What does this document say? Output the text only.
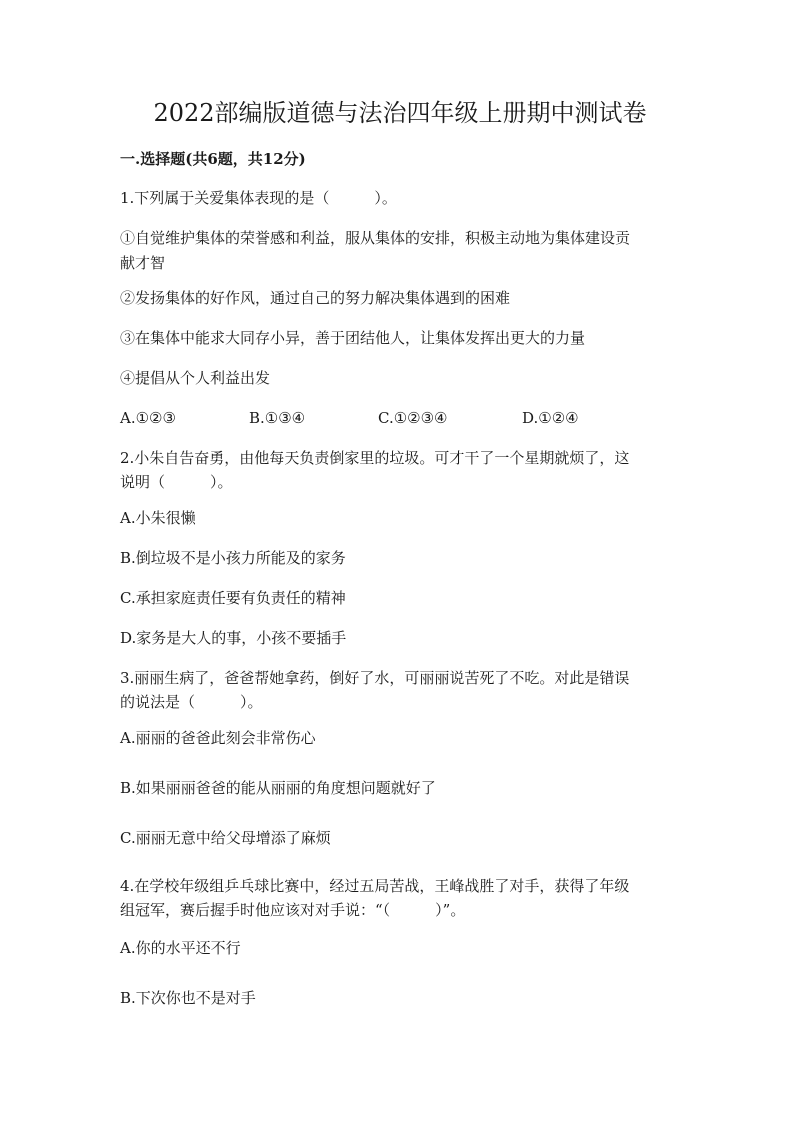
2022部编版道德与法治四年级上册期中测试卷
一.选择题(共6题，共12分)
1.下列属于关爱集体表现的是（　　　）。
①自觉维护集体的荣誉感和利益，服从集体的安排，积极主动地为集体建设贡
献才智
②发扬集体的好作风，通过自己的努力解决集体遇到的困难
③在集体中能求大同存小异，善于团结他人，让集体发挥出更大的力量
④提倡从个人利益出发
A.①②③	B.①③④	C.①②③④	D.①②④
2.小朱自告奋勇，由他每天负责倒家里的垃圾。可才干了一个星期就烦了，这
说明（　　　）。
A.小朱很懒
B.倒垃圾不是小孩力所能及的家务
C.承担家庭责任要有负责任的精神
D.家务是大人的事，小孩不要插手
3.丽丽生病了，爸爸帮她拿药，倒好了水，可丽丽说苦死了不吃。对此是错误
的说法是（　　　）。
A.丽丽的爸爸此刻会非常伤心
B.如果丽丽爸爸的能从丽丽的角度想问题就好了
C.丽丽无意中给父母增添了麻烦
4.在学校年级组乒乓球比赛中，经过五局苦战，王峰战胜了对手，获得了年级
组冠军，赛后握手时他应该对对手说：“（　　　）”。
A.你的水平还不行
B.下次你也不是对手
